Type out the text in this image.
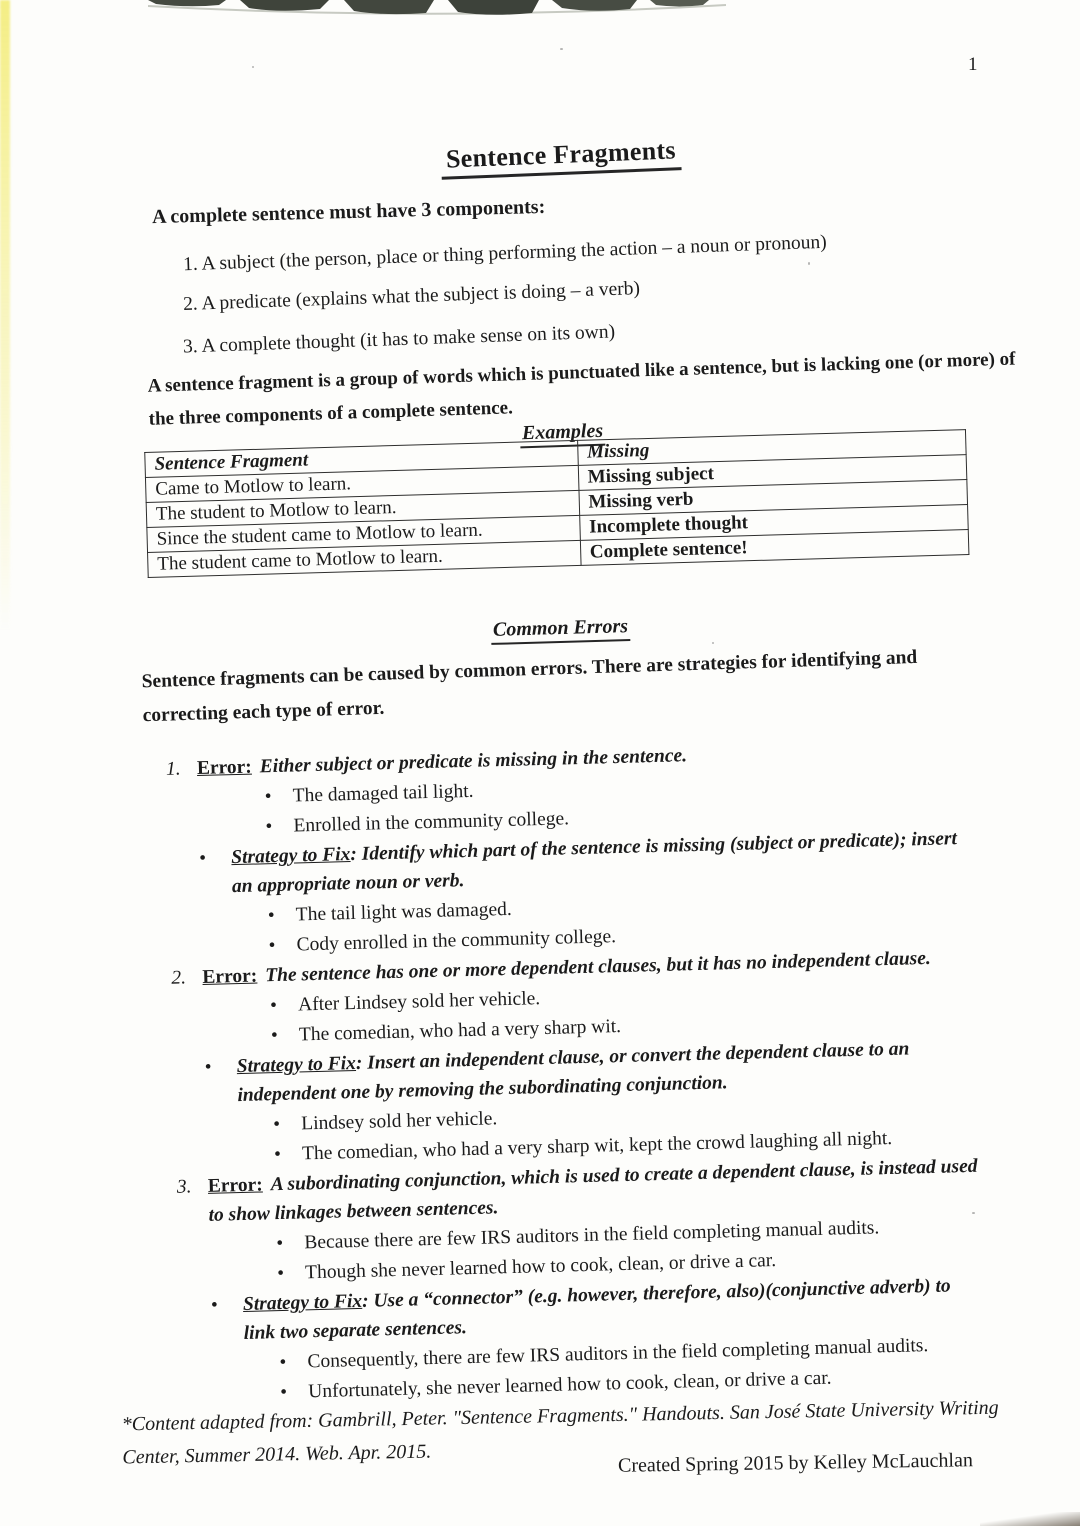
1
Sentence Fragments
A complete sentence must have 3 components:
1. A subject (the person, place or thing performing the action – a noun or pronoun)
2. A predicate (explains what the subject is doing – a verb)
3. A complete thought (it has to make sense on its own)
A sentence fragment is a group of words which is punctuated like a sentence, but is lacking one (or more) of the three components of a complete sentence.
Examples
Sentence Fragment	Missing
Came to Motlow to learn.	Missing subject
The student to Motlow to learn.	Missing verb
Since the student came to Motlow to learn.	Incomplete thought
The student came to Motlow to learn.	Complete sentence!
Common Errors
Sentence fragments can be caused by common errors. There are strategies for identifying and correcting each type of error.
1. Error: Either subject or predicate is missing in the sentence.
• The damaged tail light.
• Enrolled in the community college.
• Strategy to Fix: Identify which part of the sentence is missing (subject or predicate); insert an appropriate noun or verb.
• The tail light was damaged.
• Cody enrolled in the community college.
2. Error: The sentence has one or more dependent clauses, but it has no independent clause.
• After Lindsey sold her vehicle.
• The comedian, who had a very sharp wit.
• Strategy to Fix: Insert an independent clause, or convert the dependent clause to an independent one by removing the subordinating conjunction.
• Lindsey sold her vehicle.
• The comedian, who had a very sharp wit, kept the crowd laughing all night.
3. Error: A subordinating conjunction, which is used to create a dependent clause, is instead used to show linkages between sentences.
• Because there are few IRS auditors in the field completing manual audits.
• Though she never learned how to cook, clean, or drive a car.
• Strategy to Fix: Use a “connector” (e.g. however, therefore, also)(conjunctive adverb) to link two separate sentences.
• Consequently, there are few IRS auditors in the field completing manual audits.
• Unfortunately, she never learned how to cook, clean, or drive a car.
*Content adapted from: Gambrill, Peter. "Sentence Fragments." Handouts. San José State University Writing Center, Summer 2014. Web. Apr. 2015.	Created Spring 2015 by Kelley McLauchlan
